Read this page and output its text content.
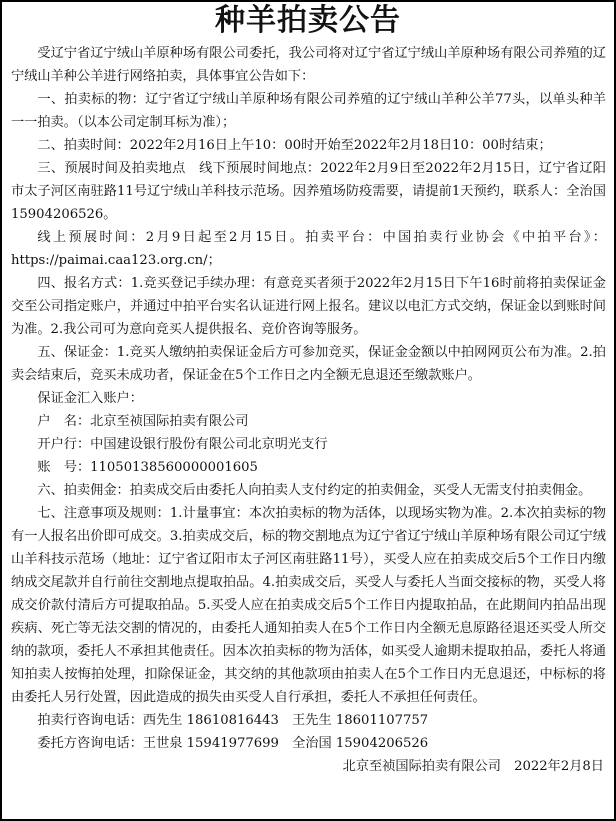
种羊拍卖公告

受辽宁省辽宁绒山羊原种场有限公司委托，我公司将对辽宁省辽宁绒山羊原种场有限公司养殖的辽宁绒山羊种公羊进行网络拍卖，具体事宜公告如下：

一、拍卖标的物：辽宁省辽宁绒山羊原种场有限公司养殖的辽宁绒山羊种公羊77头，以单头种羊一一拍卖。（以本公司定制耳标为准）；

二、拍卖时间：2022年2月16日上午10：00时开始至2022年2月18日10：00时结束；

三、预展时间及拍卖地点　线下预展时间地点：2022年2月9日至2022年2月15日，辽宁省辽阳市太子河区南驻路11号辽宁绒山羊科技示范场。因养殖场防疫需要，请提前1天预约，联系人：全治国 15904206526。

线上预展时间：2月9日起至2月15日。拍卖平台：中国拍卖行业协会《中拍平台》：https://paimai.caa123.org.cn/；

四、报名方式：1.竞买登记手续办理：有意竞买者须于2022年2月15日下午16时前将拍卖保证金交至公司指定账户，并通过中拍平台实名认证进行网上报名。建议以电汇方式交纳，保证金以到账时间为准。2.我公司可为意向竞买人提供报名、竞价咨询等服务。

五、保证金：1.竞买人缴纳拍卖保证金后方可参加竞买，保证金金额以中拍网网页公布为准。2.拍卖会结束后，竞买未成功者，保证金在5个工作日之内全额无息退还至缴款账户。

保证金汇入账户：

户　名：北京至祯国际拍卖有限公司

开户行：中国建设银行股份有限公司北京明光支行

账　号：11050138560000001605

六、拍卖佣金：拍卖成交后由委托人向拍卖人支付约定的拍卖佣金，买受人无需支付拍卖佣金。

七、注意事项及规则：1.计量事宜：本次拍卖标的物为活体，以现场实物为准。2.本次拍卖标的物有一人报名出价即可成交。3.拍卖成交后，标的物交割地点为辽宁省辽宁绒山羊原种场有限公司辽宁绒山羊科技示范场（地址：辽宁省辽阳市太子河区南驻路11号），买受人应在拍卖成交后5个工作日内缴纳成交尾款并自行前往交割地点提取拍品。4.拍卖成交后，买受人与委托人当面交接标的物，买受人将成交价款付清后方可提取拍品。5.买受人应在拍卖成交后5个工作日内提取拍品，在此期间内拍品出现疾病、死亡等无法交割的情况的，由委托人通知拍卖人在5个工作日内全额无息原路径退还买受人所交纳的款项，委托人不承担其他责任。因本次拍卖标的物为活体，如买受人逾期未提取拍品，委托人将通知拍卖人按悔拍处理，扣除保证金，其交纳的其他款项由拍卖人在5个工作日内无息退还，中标标的将由委托人另行处置，因此造成的损失由买受人自行承担，委托人不承担任何责任。

拍卖行咨询电话：西先生 18610816443　王先生 18601107757

委托方咨询电话：王世泉 15941977699　全治国 15904206526

北京至祯国际拍卖有限公司　2022年2月8日
